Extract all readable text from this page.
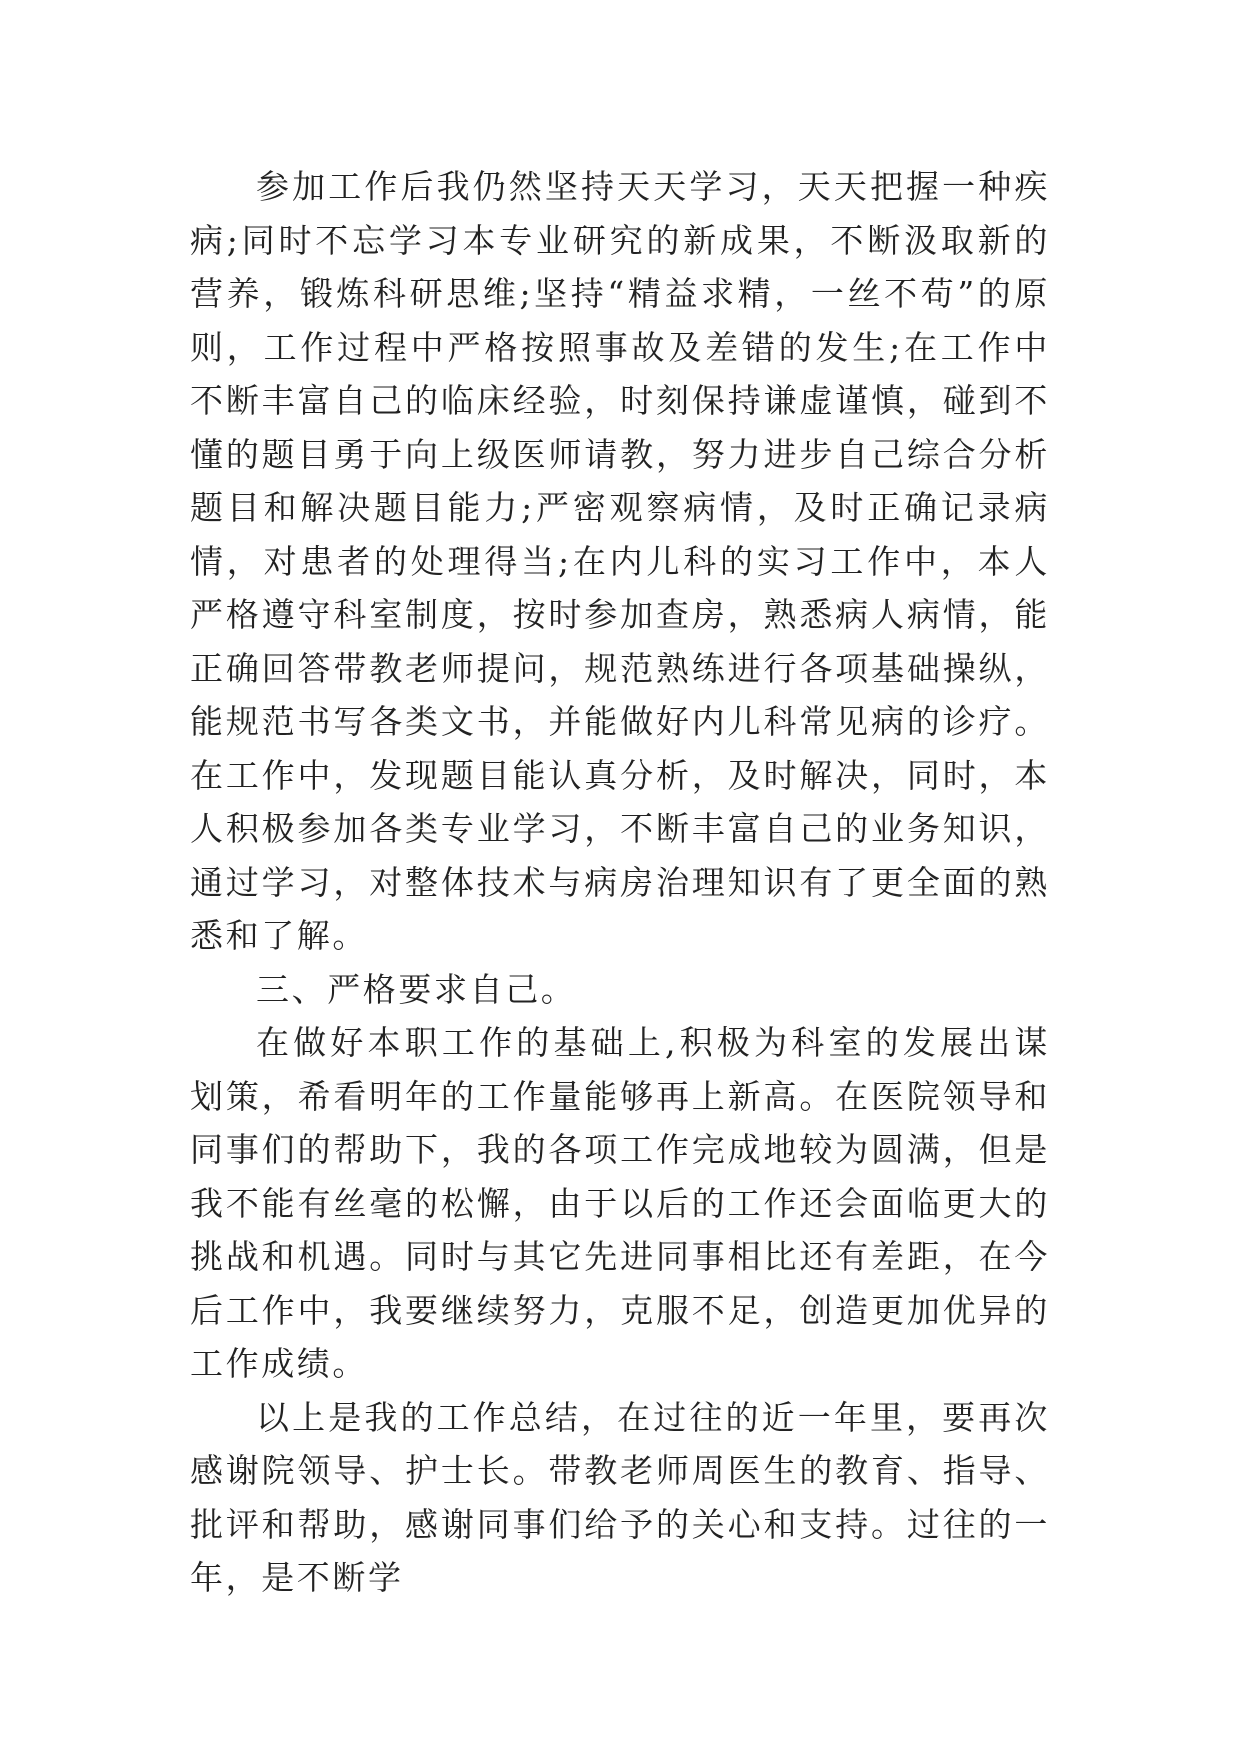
参加工作后我仍然坚持天天学习，天天把握一种疾病;同时不忘学习本专业研究的新成果，不断汲取新的营养，锻炼科研思维;坚持“精益求精，一丝不苟”的原则，工作过程中严格按照事故及差错的发生;在工作中不断丰富自己的临床经验，时刻保持谦虚谨慎，碰到不懂的题目勇于向上级医师请教，努力进步自己综合分析题目和解决题目能力;严密观察病情，及时正确记录病情，对患者的处理得当;在内儿科的实习工作中，本人严格遵守科室制度，按时参加查房，熟悉病人病情，能正确回答带教老师提问，规范熟练进行各项基础操纵，能规范书写各类文书，并能做好内儿科常见病的诊疗。在工作中，发现题目能认真分析，及时解决，同时，本人积极参加各类专业学习，不断丰富自己的业务知识，通过学习，对整体技术与病房治理知识有了更全面的熟悉和了解。

三、严格要求自己。

在做好本职工作的基础上,积极为科室的发展出谋划策，希看明年的工作量能够再上新高。在医院领导和同事们的帮助下，我的各项工作完成地较为圆满，但是我不能有丝毫的松懈，由于以后的工作还会面临更大的挑战和机遇。同时与其它先进同事相比还有差距，在今后工作中，我要继续努力，克服不足，创造更加优异的工作成绩。

以上是我的工作总结，在过往的近一年里，要再次感谢院领导、护士长。带教老师周医生的教育、指导、批评和帮助，感谢同事们给予的关心和支持。过往的一年，是不断学
